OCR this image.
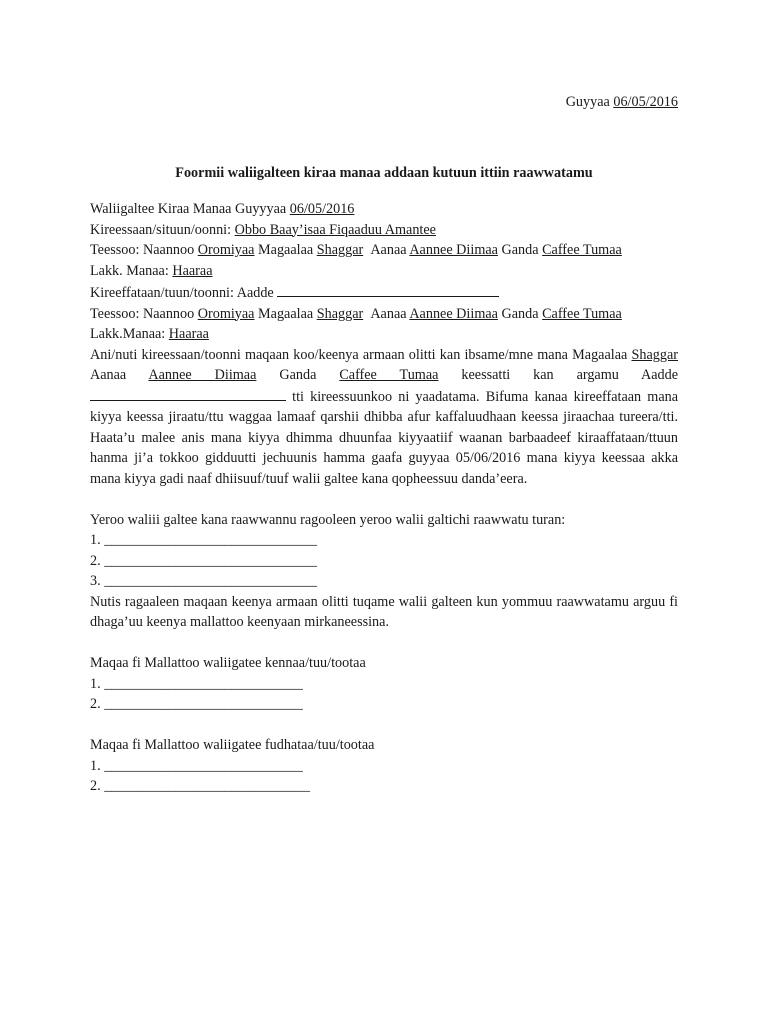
Guyyaa 06/05/2016
Foormii waliigalteen kiraa manaa addaan kutuun ittiin raawwatamu
Waliigaltee Kiraa Manaa Guyyyaa 06/05/2016
Kireessaan/situun/oonni: Obbo Baay’isaa Fiqaaduu Amantee
Teessoo: Naannoo Oromiyaa Magaalaa Shaggar Aanaa Aannee Diimaa Ganda Caffee Tumaa
Lakk. Manaa: Haaraa
Kireeffataan/tuun/toonni: Aadde
Teessoo: Naannoo Oromiyaa Magaalaa Shaggar Aanaa Aannee Diimaa Ganda Caffee Tumaa
Lakk.Manaa: Haaraa
Ani/nuti kireessaan/toonni maqaan koo/keenya armaan olitti kan ibsame/mne mana Magaalaa Shaggar Aanaa Aannee Diimaa Ganda Caffee Tumaa keessatti kan argamu Aadde  tti kireessuunkoo ni yaadatama. Bifuma kanaa kireeffataan mana kiyya keessa jiraatu/ttu waggaa lamaaf qarshii dhibba afur kaffaluudhaan keessa jiraachaa tureera/tti. Haata’u malee anis mana kiyya dhimma dhuunfaa kiyyaatiif waanan barbaadeef kiraaffataan/ttuun hanma ji’a tokkoo gidduutti jechuunis hamma gaafa guyyaa 05/06/2016 mana kiyya keessaa akka mana kiyya gadi naaf dhiisuuf/tuuf walii galtee kana qopheessuu danda’eera.
Yeroo waliii galtee kana raawwannu ragooleen yeroo walii galtichi raawwatu turan:
1. ______________________________
2. ______________________________
3. ______________________________
Nutis ragaaleen maqaan keenya armaan olitti tuqame walii galteen kun yommuu raawwatamu arguu fi dhaga’uu keenya mallattoo keenyaan mirkaneessina.
Maqaa fi Mallattoo waliigatee kennaa/tuu/tootaa
1. ____________________________
2. ____________________________
Maqaa fi Mallattoo waliigatee fudhataa/tuu/tootaa
1. ____________________________
2. _____________________________
